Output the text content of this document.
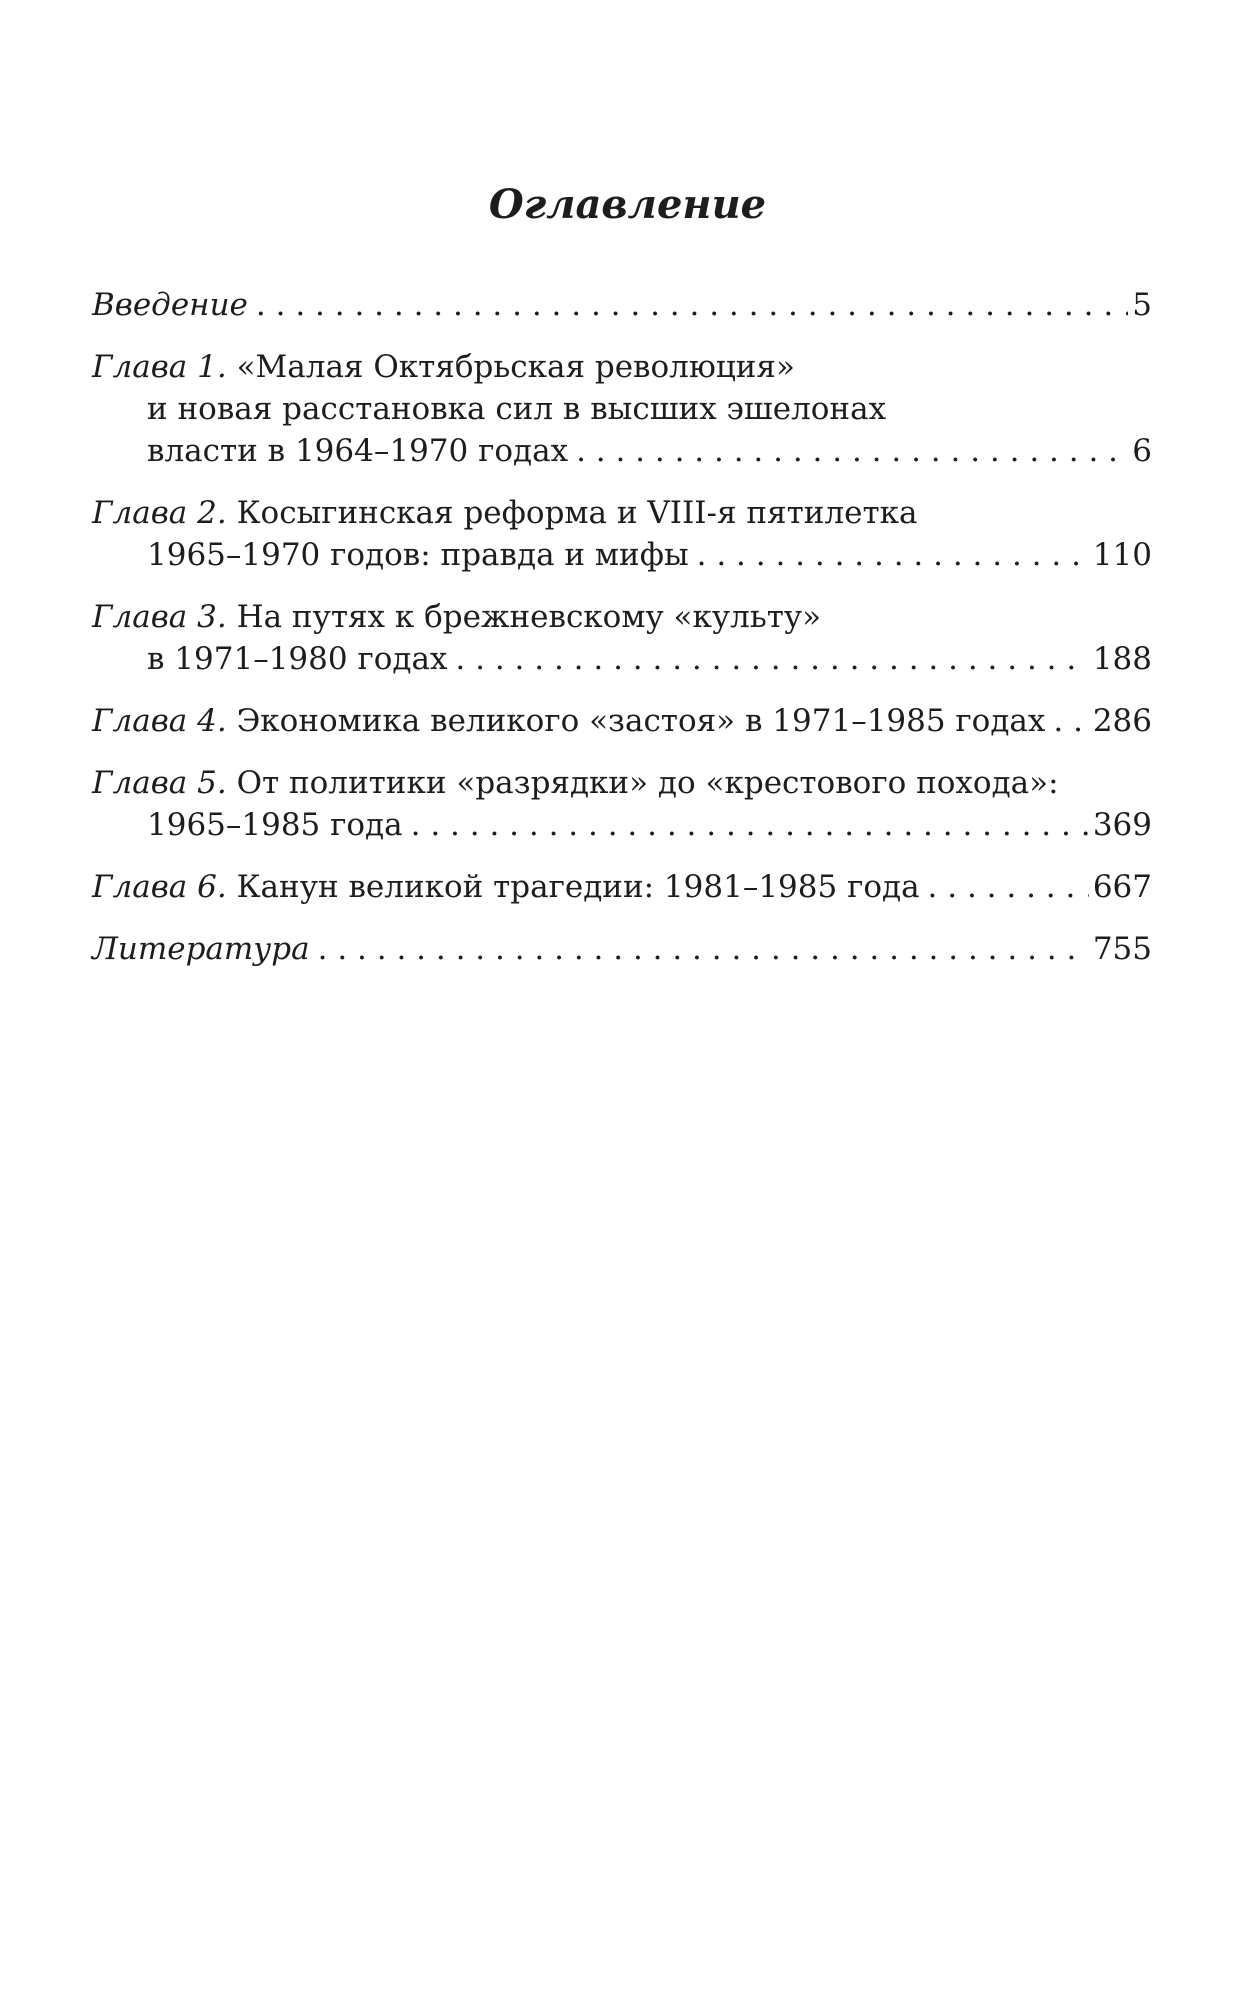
Оглавление
Введение . . .	5
Глава 1. «Малая Октябрьская революция»
и новая расстановка сил в высших эшелонах
власти в 1964–1970 годах . . .	6
Глава 2. Косыгинская реформа и VIII-я пятилетка
1965–1970 годов: правда и мифы . . .	110
Глава 3. На путях к брежневскому «культу»
в 1971–1980 годах . . .	188
Глава 4. Экономика великого «застоя» в 1971–1985 годах . . . 286
Глава 5. От политики «разрядки» до «крестового похода»:
1965–1985 года . . .	369
Глава 6. Канун великой трагедии: 1981–1985 года . . .	667
Литература . . .	755
